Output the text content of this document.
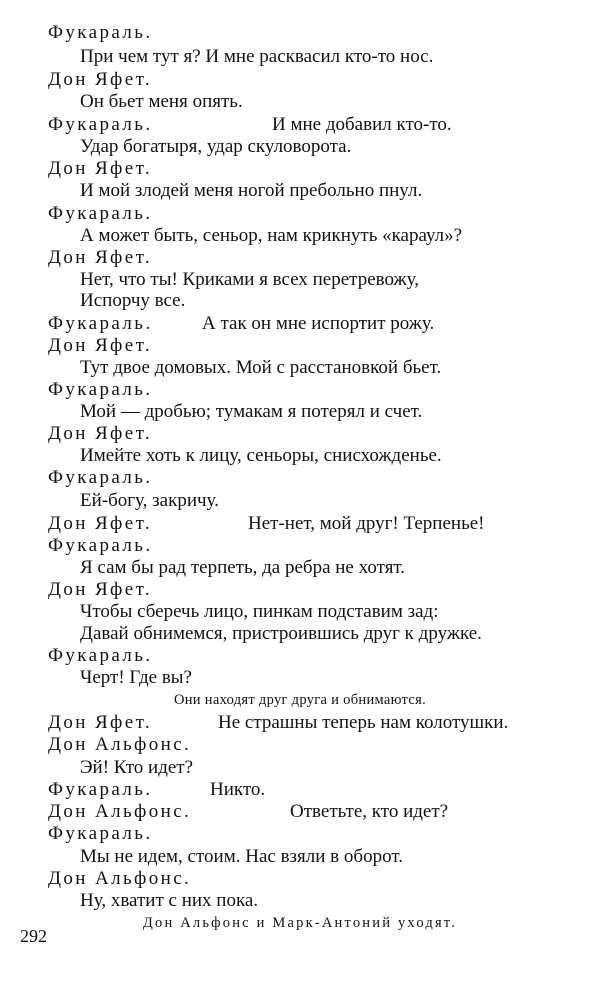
Фукараль.
При чем тут я? И мне расквасил кто-то нос.
Дон Яфет.
Он бьет меня опять.
Фукараль.	И мне добавил кто-то.
Удар богатыря, удар скуловорота.
Дон Яфет.
И мой злодей меня ногой пребольно пнул.
Фукараль.
А может быть, сеньор, нам крикнуть «караул»?
Дон Яфет.
Нет, что ты! Криками я всех перетревожу,
Испорчу все.
Фукараль.	А так он мне испортит рожу.
Дон Яфет.
Тут двое домовых. Мой с расстановкой бьет.
Фукараль.
Мой — дробью; тумакам я потерял и счет.
Дон Яфет.
Имейте хоть к лицу, сеньоры, снисхожденье.
Фукараль.
Ей-богу, закричу.
Дон Яфет.	Нет-нет, мой друг! Терпенье!
Фукараль.
Я сам бы рад терпеть, да ребра не хотят.
Дон Яфет.
Чтобы сберечь лицо, пинкам подставим зад:
Давай обнимемся, пристроившись друг к дружке.
Фукараль.
Черт! Где вы?
Они находят друг друга и обнимаются.
Дон Яфет.	Не страшны теперь нам колотушки.
Дон Альфонс.
Эй! Кто идет?
Фукараль.	Никто.
Дон Альфонс.	Ответьте, кто идет?
Фукараль.
Мы не идем, стоим. Нас взяли в оборот.
Дон Альфонс.
Ну, хватит с них пока.
Дон Альфонс и Марк-Антоний уходят.
292
